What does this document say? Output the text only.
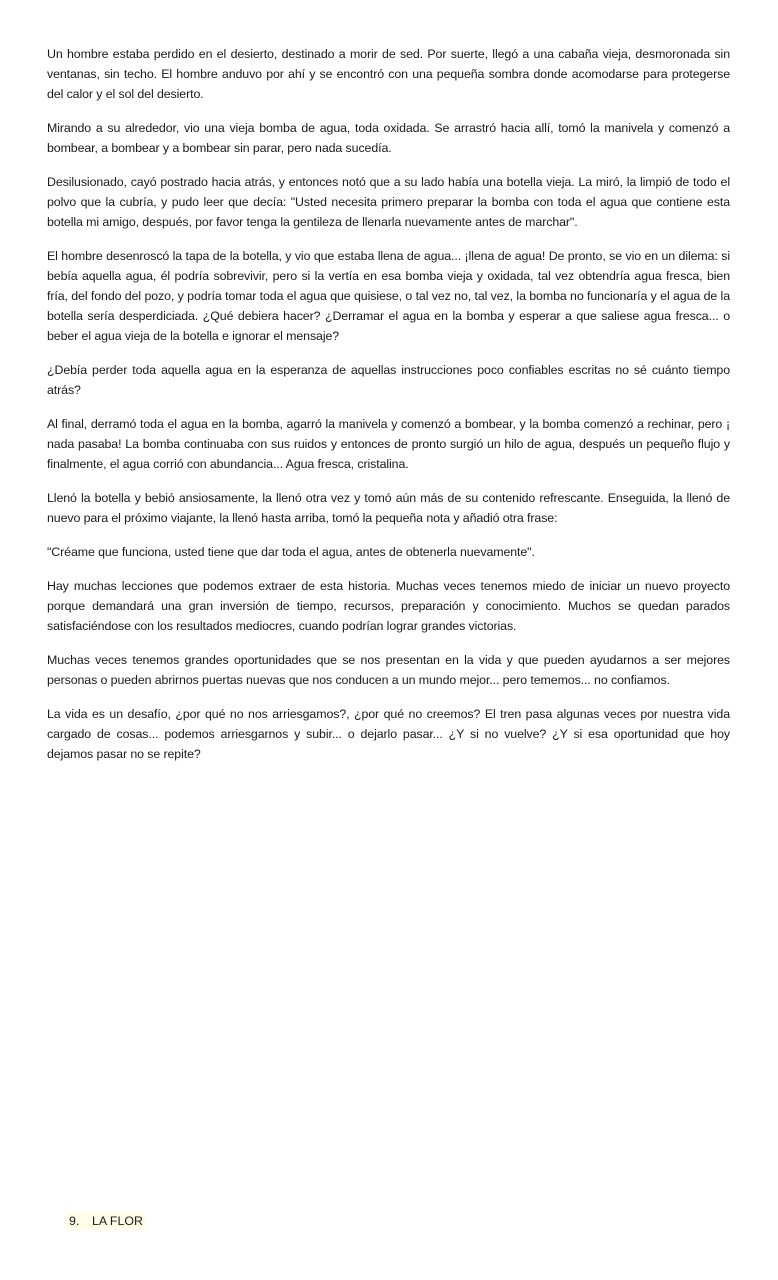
Un hombre estaba perdido en el desierto, destinado a morir de sed. Por suerte, llegó a una cabaña vieja, desmoronada sin ventanas, sin techo. El hombre anduvo por ahí y se encontró con una pequeña sombra donde acomodarse para protegerse del calor y el sol del desierto.

Mirando a su alrededor, vio una vieja bomba de agua, toda oxidada. Se arrastró hacia allí, tomó la manivela y comenzó a bombear, a bombear y a bombear sin parar, pero nada sucedía.

Desilusionado, cayó postrado hacia atrás, y entonces notó que a su lado había una botella vieja. La miró, la limpió de todo el polvo que la cubría, y pudo leer que decía: "Usted necesita primero preparar la bomba con toda el agua que contiene esta botella mi amigo, después, por favor tenga la gentileza de llenarla nuevamente antes de marchar".

El hombre desenroscó la tapa de la botella, y vio que estaba llena de agua... ¡llena de agua! De pronto, se vio en un dilema: si bebía aquella agua, él podría sobrevivir, pero si la vertía en esa bomba vieja y oxidada, tal vez obtendría agua fresca, bien fría, del fondo del pozo, y podría tomar toda el agua que quisiese, o tal vez no, tal vez, la bomba no funcionaría y el agua de la botella sería desperdiciada. ¿Qué debiera hacer? ¿Derramar el agua en la bomba y esperar a que saliese agua fresca... o beber el agua vieja de la botella e ignorar el mensaje?

¿Debía perder toda aquella agua en la esperanza de aquellas instrucciones poco confiables escritas no sé cuánto tiempo atrás?

Al final, derramó toda el agua en la bomba, agarró la manivela y comenzó a bombear, y la bomba comenzó a rechinar, pero ¡ nada pasaba! La bomba continuaba con sus ruidos y entonces de pronto surgió un hilo de agua, después un pequeño flujo y finalmente, el agua corrió con abundancia... Agua fresca, cristalina.

Llenó la botella y bebió ansiosamente, la llenó otra vez y tomó aún más de su contenido refrescante. Enseguida, la llenó de nuevo para el próximo viajante, la llenó hasta arriba, tomó la pequeña nota y añadió otra frase:

"Créame que funciona, usted tiene que dar toda el agua, antes de obtenerla nuevamente".

Hay muchas lecciones que podemos extraer de esta historia. Muchas veces tenemos miedo de iniciar un nuevo proyecto porque demandará una gran inversión de tiempo, recursos, preparación y conocimiento. Muchos se quedan parados satisfaciéndose con los resultados mediocres, cuando podrían lograr grandes victorias.

Muchas veces tenemos grandes oportunidades que se nos presentan en la vida y que pueden ayudarnos a ser mejores personas o pueden abrirnos puertas nuevas que nos conducen a un mundo mejor... pero tememos... no confiamos.

La vida es un desafío, ¿por qué no nos arriesgamos?, ¿por qué no creemos? El tren pasa algunas veces por nuestra vida cargado de cosas... podemos arriesgarnos y subir... o dejarlo pasar... ¿Y si no vuelve? ¿Y si esa oportunidad que hoy dejamos pasar no se repite?

9. LA FLOR
